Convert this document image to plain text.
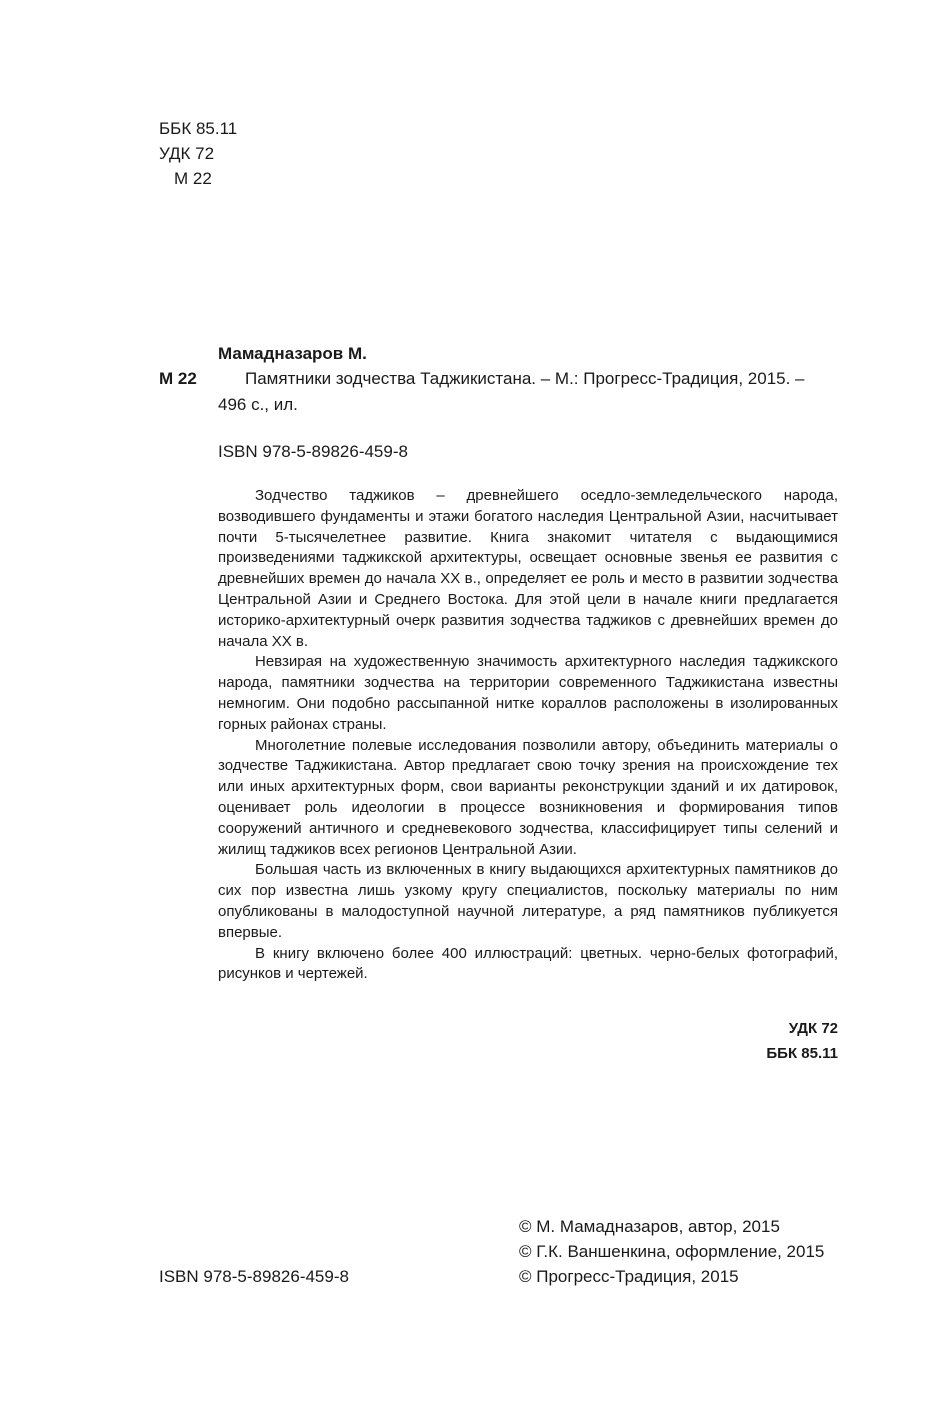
ББК 85.11
УДК 72
М 22
Мамадназаров М.
М 22	Памятники зодчества Таджикистана. – М.: Прогресс-Традиция, 2015. –
496 с., ил.
ISBN 978-5-89826-459-8

Зодчество таджиков – древнейшего оседло-земледельческого народа, возводившего фундаменты и этажи богатого наследия Центральной Азии, насчитывает почти 5-тысячелетнее развитие. Книга знакомит читателя с выдающимися произведениями таджикской архитектуры, освещает основные звенья ее развития с древнейших времен до начала XX в., определяет ее роль и место в развитии зодчества Центральной Азии и Среднего Востока. Для этой цели в начале книги предлагается историко-архитектурный очерк развития зодчества таджиков с древнейших времен до начала XX в.

Невзирая на художественную значимость архитектурного наследия таджикского народа, памятники зодчества на территории современного Таджикистана известны немногим. Они подобно рассыпанной нитке кораллов расположены в изолированных горных районах страны.

Многолетние полевые исследования позволили автору, объединить материалы о зодчестве Таджикистана. Автор предлагает свою точку зрения на происхождение тех или иных архитектурных форм, свои варианты реконструкции зданий и их датировок, оценивает роль идеологии в процессе возникновения и формирования типов сооружений античного и средневекового зодчества, классифицирует типы селений и жилищ таджиков всех регионов Центральной Азии.

Большая часть из включенных в книгу выдающихся архитектурных памятников до сих пор известна лишь узкому кругу специалистов, поскольку материалы по ним опубликованы в малодоступной научной литературе, а ряд памятников публикуется впервые.

В книгу включено более 400 иллюстраций: цветных. черно-белых фотографий, рисунков и чертежей.

УДК 72
ББК 85.11
ISBN 978-5-89826-459-8
© М. Мамадназаров, автор, 2015
© Г.К. Ваншенкина, оформление, 2015
© Прогресс-Традиция, 2015
